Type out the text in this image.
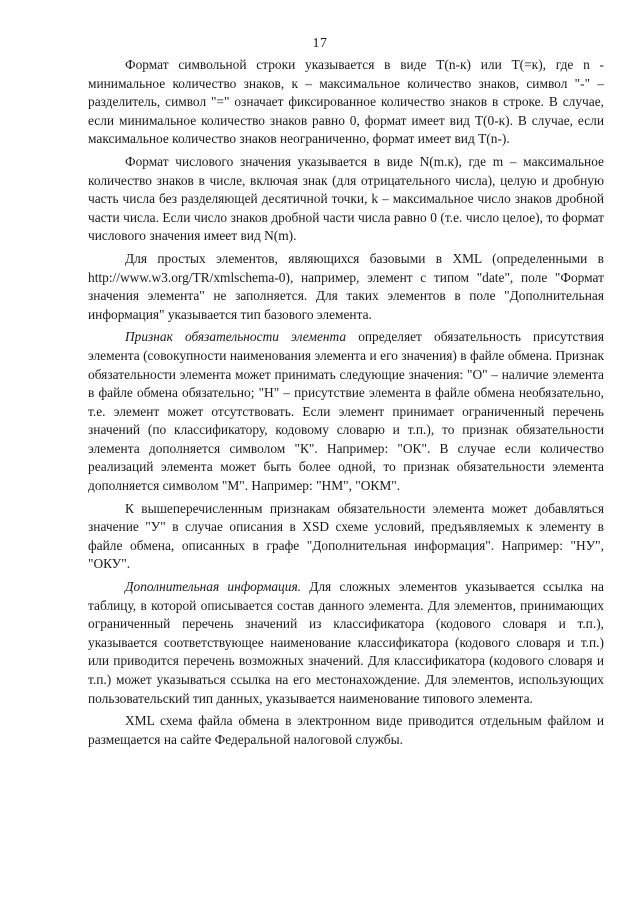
17

Формат символьной строки указывается в виде Т(n-к) или Т(=к), где n - минимальное количество знаков, к – максимальное количество знаков, символ "-" – разделитель, символ "=" означает фиксированное количество знаков в строке. В случае, если минимальное количество знаков равно 0, формат имеет вид Т(0-к). В случае, если максимальное количество знаков неограниченно, формат имеет вид Т(n-).

Формат числового значения указывается в виде N(m.к), где m – максимальное количество знаков в числе, включая знак (для отрицательного числа), целую и дробную часть числа без разделяющей десятичной точки, k – максимальное число знаков дробной части числа. Если число знаков дробной части числа равно 0 (т.е. число целое), то формат числового значения имеет вид N(m).

Для простых элементов, являющихся базовыми в XML (определенными в http://www.w3.org/TR/xmlschema-0), например, элемент с типом "date", поле "Формат значения элемента" не заполняется. Для таких элементов в поле "Дополнительная информация" указывается тип базового элемента.

Признак обязательности элемента определяет обязательность присутствия элемента (совокупности наименования элемента и его значения) в файле обмена. Признак обязательности элемента может принимать следующие значения: "О" – наличие элемента в файле обмена обязательно; "Н" – присутствие элемента в файле обмена необязательно, т.е. элемент может отсутствовать. Если элемент принимает ограниченный перечень значений (по классификатору, кодовому словарю и т.п.), то признак обязательности элемента дополняется символом "К". Например: "ОК". В случае если количество реализаций элемента может быть более одной, то признак обязательности элемента дополняется символом "М". Например: "НМ", "ОКМ".

К вышеперечисленным признакам обязательности элемента может добавляться значение "У" в случае описания в XSD схеме условий, предъявляемых к элементу в файле обмена, описанных в графе "Дополнительная информация". Например: "НУ", "ОКУ".

Дополнительная информация. Для сложных элементов указывается ссылка на таблицу, в которой описывается состав данного элемента. Для элементов, принимающих ограниченный перечень значений из классификатора (кодового словаря и т.п.), указывается соответствующее наименование классификатора (кодового словаря и т.п.) или приводится перечень возможных значений. Для классификатора (кодового словаря и т.п.) может указываться ссылка на его местонахождение. Для элементов, использующих пользовательский тип данных, указывается наименование типового элемента.

XML схема файла обмена в электронном виде приводится отдельным файлом и размещается на сайте Федеральной налоговой службы.
